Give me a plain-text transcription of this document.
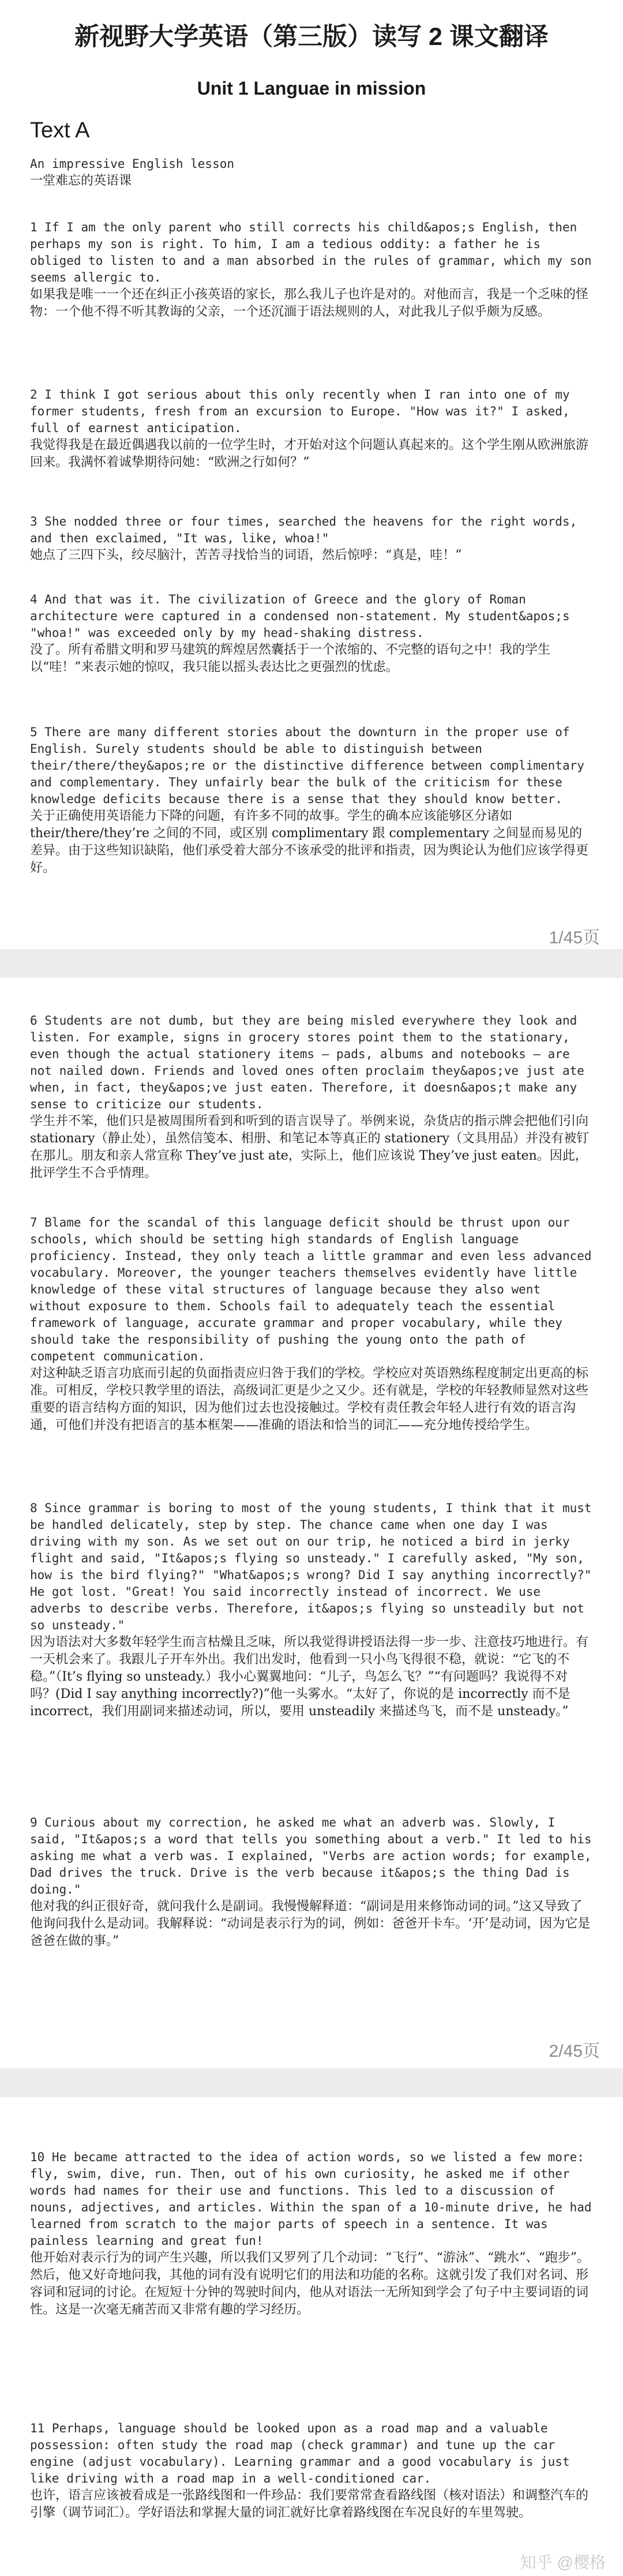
新视野大学英语（第三版）读写 2 课文翻译
Unit 1 Languae in mission
Text A

An impressive English lesson

一堂难忘的英语课

1 If I am the only parent who still corrects his child&apos;s English, then perhaps my son is right. To him, I am a tedious oddity: a father he is obliged to listen to and a man absorbed in the rules of grammar, which my son seems allergic to.

如果我是唯一一个还在纠正小孩英语的家长，那么我儿子也许是对的。对他而言，我是一个乏味的怪物：一个他不得不听其教诲的父亲，一个还沉湎于语法规则的人，对此我儿子似乎颇为反感。

2 I think I got serious about this only recently when I ran into one of my former students, fresh from an excursion to Europe. "How was it?" I asked, full of earnest anticipation.

我觉得我是在最近偶遇我以前的一位学生时，才开始对这个问题认真起来的。这个学生刚从欧洲旅游回来。我满怀着诚挚期待问她：“欧洲之行如何？”

3 She nodded three or four times, searched the heavens for the right words, and then exclaimed, "It was, like, whoa!"

她点了三四下头，绞尽脑汁，苦苦寻找恰当的词语，然后惊呼：“真是，哇！”

4 And that was it. The civilization of Greece and the glory of Roman architecture were captured in a condensed non-statement. My student&apos;s "whoa!" was exceeded only by my head-shaking distress.

没了。所有希腊文明和罗马建筑的辉煌居然囊括于一个浓缩的、不完整的语句之中！我的学生以“哇！”来表示她的惊叹，我只能以摇头表达比之更强烈的忧虑。

5 There are many different stories about the downturn in the proper use of English. Surely students should be able to distinguish between their/there/they&apos;re or the distinctive difference between complimentary and complementary. They unfairly bear the bulk of the criticism for these knowledge deficits because there is a sense that they should know better.

关于正确使用英语能力下降的问题，有许多不同的故事。学生的确本应该能够区分诸如their/there/they’re 之间的不同，或区别 complimentary 跟 complementary 之间显而易见的差异。由于这些知识缺陷，他们承受着大部分不该承受的批评和指责，因为舆论认为他们应该学得更好。

1/45页

6 Students are not dumb, but they are being misled everywhere they look and listen. For example, signs in grocery stores point them to the stationary, even though the actual stationery items — pads, albums and notebooks — are not nailed down. Friends and loved ones often proclaim they&apos;ve just ate when, in fact, they&apos;ve just eaten. Therefore, it doesn&apos;t make any sense to criticize our students.

学生并不笨，他们只是被周围所看到和听到的语言误导了。举例来说，杂货店的指示牌会把他们引向 stationary（静止处），虽然信笺本、相册、和笔记本等真正的 stationery（文具用品）并没有被钉在那儿。朋友和亲人常宣称 They’ve just ate，实际上，他们应该说 They’ve just eaten。因此，批评学生不合乎情理。

7 Blame for the scandal of this language deficit should be thrust upon our schools, which should be setting high standards of English language proficiency. Instead, they only teach a little grammar and even less advanced vocabulary. Moreover, the younger teachers themselves evidently have little knowledge of these vital structures of language because they also went without exposure to them. Schools fail to adequately teach the essential framework of language, accurate grammar and proper vocabulary, while they should take the responsibility of pushing the young onto the path of competent communication.

对这种缺乏语言功底而引起的负面指责应归咎于我们的学校。学校应对英语熟练程度制定出更高的标准。可相反，学校只教学里的语法，高级词汇更是少之又少。还有就是，学校的年轻教师显然对这些重要的语言结构方面的知识，因为他们过去也没接触过。学校有责任教会年轻人进行有效的语言沟通，可他们并没有把语言的基本框架——准确的语法和恰当的词汇——充分地传授给学生。

8 Since grammar is boring to most of the young students, I think that it must be handled delicately, step by step. The chance came when one day I was driving with my son. As we set out on our trip, he noticed a bird in jerky flight and said, "It&apos;s flying so unsteady." I carefully asked, "My son, how is the bird flying?" "What&apos;s wrong? Did I say anything incorrectly?" He got lost. "Great! You said incorrectly instead of incorrect. We use adverbs to describe verbs. Therefore, it&apos;s flying so unsteadily but not so unsteady."

因为语法对大多数年轻学生而言枯燥且乏味，所以我觉得讲授语法得一步一步、注意技巧地进行。有一天机会来了。我跟儿子开车外出。我们出发时，他看到一只小鸟飞得很不稳，就说：“它飞的不稳。”（It’s flying so unsteady.）我小心翼翼地问：“儿子，鸟怎么飞？”“有问题吗？我说得不对吗？(Did I say anything incorrectly?)”他一头雾水。“太好了，你说的是 incorrectly 而不是 incorrect，我们用副词来描述动词，所以，要用 unsteadily 来描述鸟飞，而不是 unsteady。”

9 Curious about my correction, he asked me what an adverb was. Slowly, I said, "It&apos;s a word that tells you something about a verb." It led to his asking me what a verb was. I explained, "Verbs are action words; for example, Dad drives the truck. Drive is the verb because it&apos;s the thing Dad is doing."

他对我的纠正很好奇，就问我什么是副词。我慢慢解释道：“副词是用来修饰动词的词。”这又导致了他询问我什么是动词。我解释说：“动词是表示行为的词，例如：爸爸开卡车。‘开’是动词，因为它是爸爸在做的事。”

2/45页

10 He became attracted to the idea of action words, so we listed a few more: fly, swim, dive, run. Then, out of his own curiosity, he asked me if other words had names for their use and functions. This led to a discussion of nouns, adjectives, and articles. Within the span of a 10-minute drive, he had learned from scratch to the major parts of speech in a sentence. It was painless learning and great fun!

他开始对表示行为的词产生兴趣，所以我们又罗列了几个动词：“飞行”、“游泳”、“跳水”、“跑步”。然后，他又好奇地问我，其他的词有没有说明它们的用法和功能的名称。这就引发了我们对名词、形容词和冠词的讨论。在短短十分钟的驾驶时间内，他从对语法一无所知到学会了句子中主要词语的词性。这是一次毫无痛苦而又非常有趣的学习经历。

11 Perhaps, language should be looked upon as a road map and a valuable possession: often study the road map (check grammar) and tune up the car engine (adjust vocabulary). Learning grammar and a good vocabulary is just like driving with a road map in a well-conditioned car.

也许，语言应该被看成是一张路线图和一件珍品：我们要常常查看路线图（核对语法）和调整汽车的引擎（调节词汇）。学好语法和掌握大量的词汇就好比拿着路线图在车况良好的车里驾驶。

知乎 @樱格
